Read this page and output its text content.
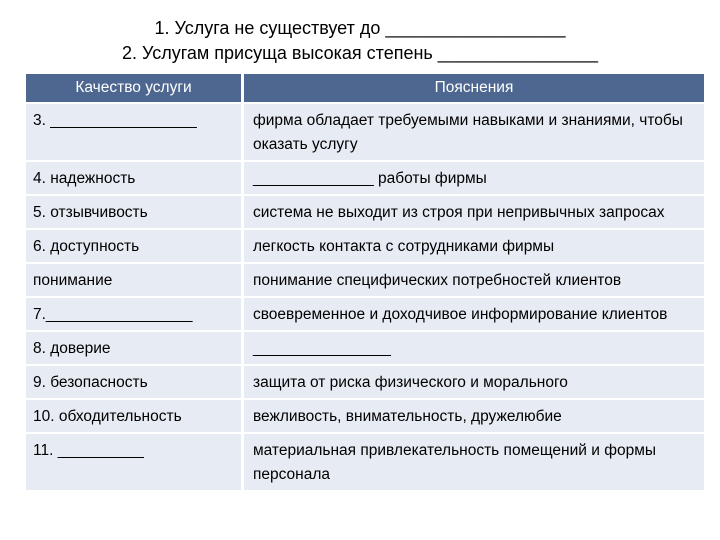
1. Услуга не существует до __________________
2. Услугам присуща высокая степень ________________
Качество услуги	Пояснения
3. _________________	фирма обладает требуемыми навыками и знаниями, чтобы оказать услугу
4. надежность	______________ работы фирмы
5. отзывчивость	система не выходит из строя при непривычных запросах
6. доступность	легкость контакта с сотрудниками фирмы
понимание	понимание специфических потребностей клиентов
7._________________	своевременное и доходчивое информирование клиентов
8. доверие	________________
9. безопасность	защита от риска физического и морального
10. обходительность	вежливость, внимательность, дружелюбие
11. __________	материальная привлекательность помещений и формы персонала
